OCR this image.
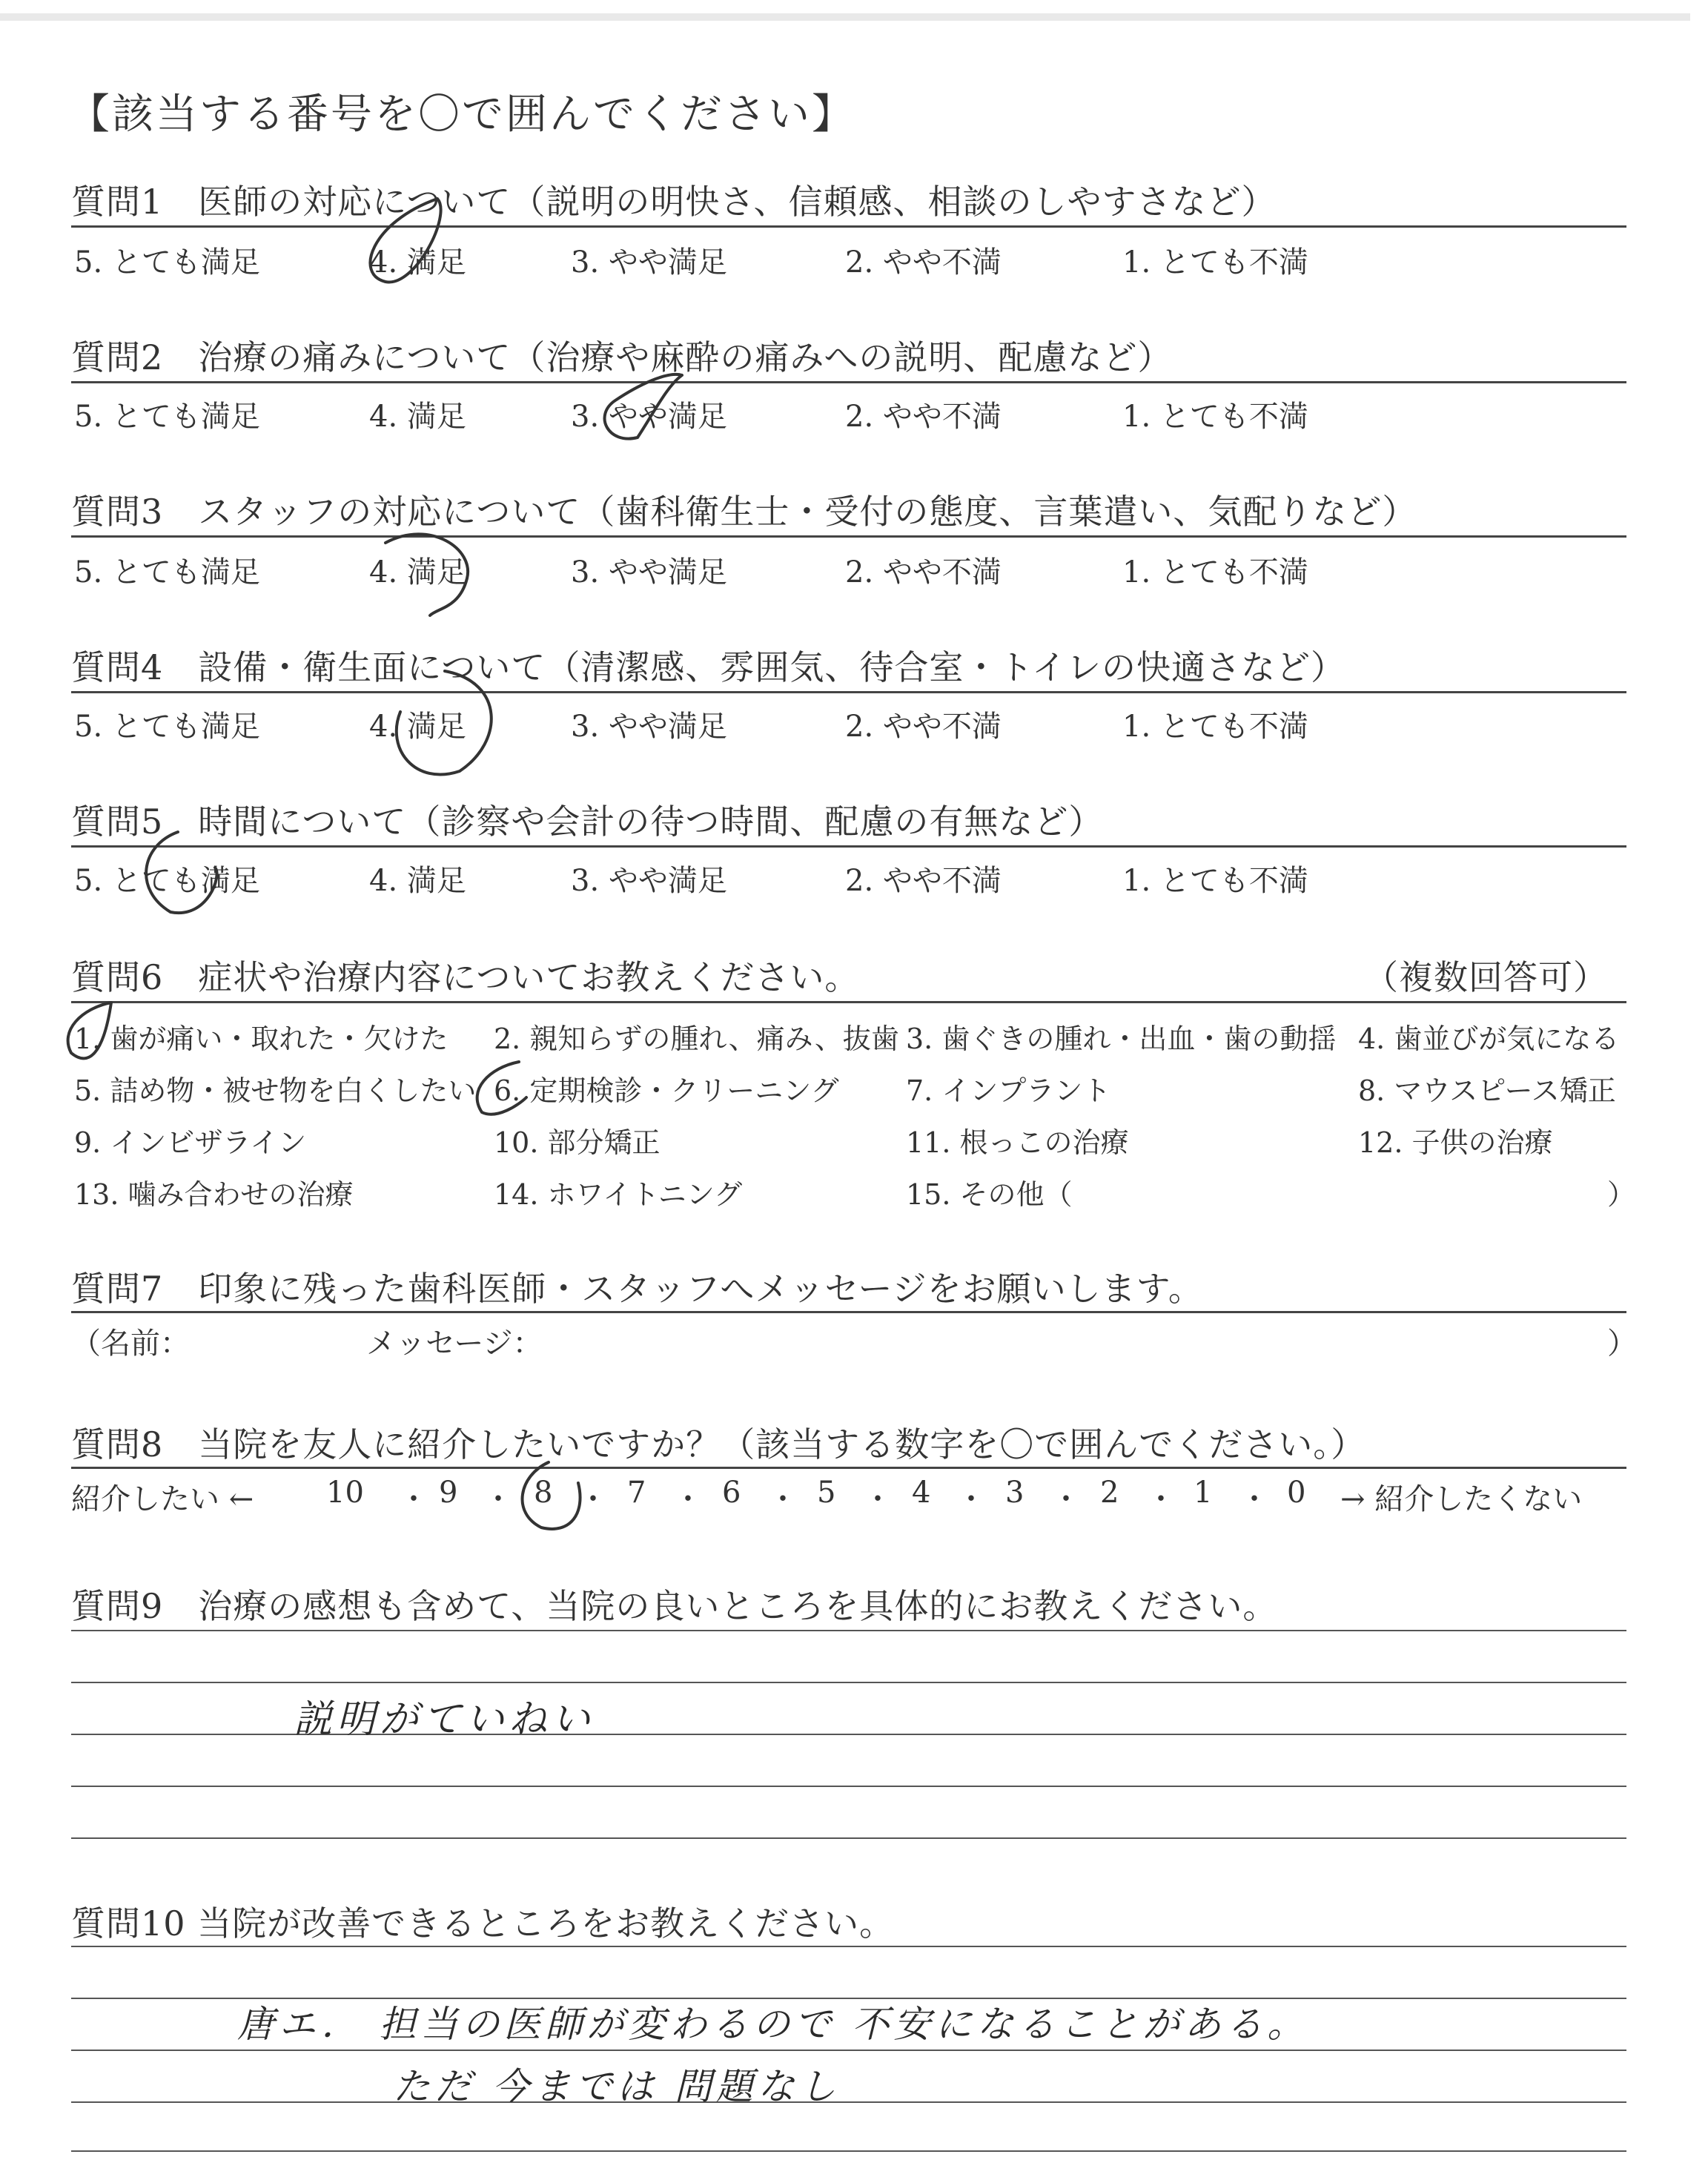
【該当する番号を〇で囲んでください】
質問1　医師の対応について（説明の明快さ、信頼感、相談のしやすさなど）
5. とても満足	4. 満足	3. やや満足	2. やや不満	1. とても不満
質問2　治療の痛みについて（治療や麻酔の痛みへの説明、配慮など）
5. とても満足	4. 満足	3. やや満足	2. やや不満	1. とても不満
質問3　スタッフの対応について（歯科衛生士・受付の態度、言葉遣い、気配りなど）
5. とても満足	4. 満足	3. やや満足	2. やや不満	1. とても不満
質問4　設備・衛生面について（清潔感、雰囲気、待合室・トイレの快適さなど）
5. とても満足	4. 満足	3. やや満足	2. やや不満	1. とても不満
質問5　時間について（診察や会計の待つ時間、配慮の有無など）
5. とても満足	4. 満足	3. やや満足	2. やや不満	1. とても不満
質問6　症状や治療内容についてお教えください。	（複数回答可）
1. 歯が痛い・取れた・欠けた 2. 親知らずの腫れ、痛み、抜歯 3. 歯ぐきの腫れ・出血・歯の動揺 4. 歯並びが気になる
5. 詰め物・被せ物を白くしたい 6. 定期検診・クリーニング 7. インプラント	8. マウスピース矯正
9. インビザライン	10. 部分矯正	11. 根っこの治療	12. 子供の治療
13. 噛み合わせの治療	14. ホワイトニング	15. その他（	）
質問7　印象に残った歯科医師・スタッフへメッセージをお願いします。
（名前：	メッセージ：	）
質問8　当院を友人に紹介したいですか？（該当する数字を〇で囲んでください。）
紹介したい ← 10 ・ 9 ・ 8 ・ 7 ・ 6 ・ 5 ・ 4 ・ 3 ・ 2 ・ 1 ・ 0 → 紹介したくない
質問9　治療の感想も含めて、当院の良いところを具体的にお教えください。
説明がていねい
質問10 当院が改善できるところをお教えください。
唐エ． 担当の医師が変わるので 不安になることがある。
ただ 今までは 問題なし
